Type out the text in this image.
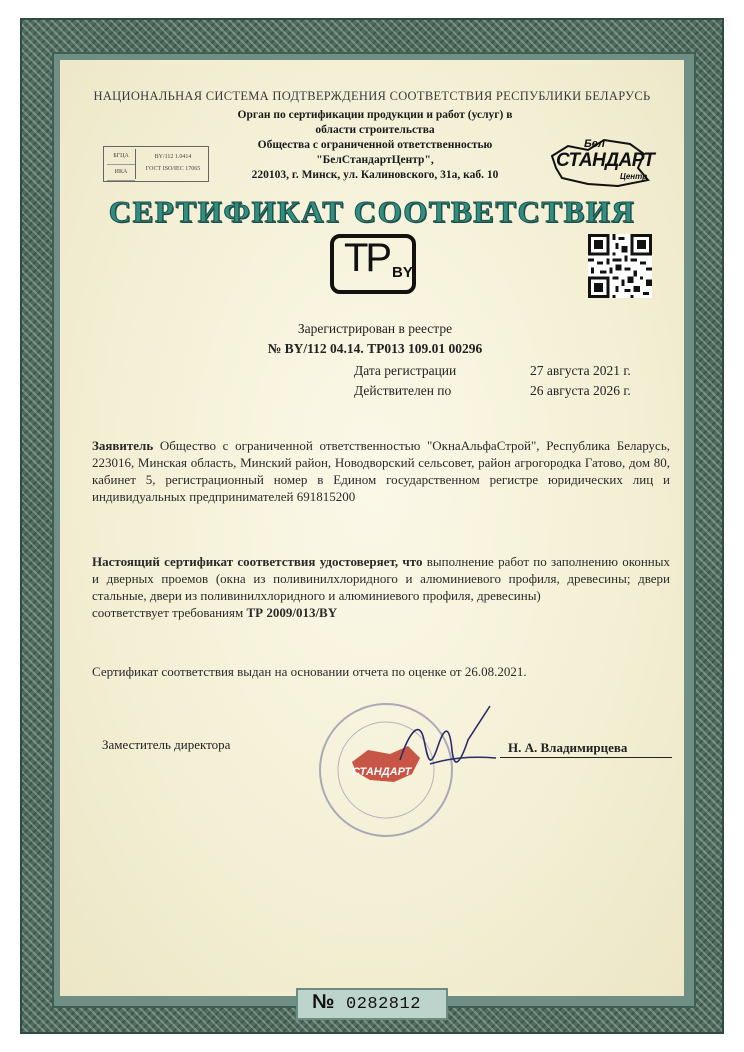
НАЦИОНАЛЬНАЯ СИСТЕМА ПОДТВЕРЖДЕНИЯ СООТВЕТСТВИЯ РЕСПУБЛИКИ БЕЛАРУСЬ
Орган по сертификации продукции и работ (услуг) в
области строительства
Общества с ограниченной ответственностью
"БелСтандартЦентр",
220103, г. Минск, ул. Калиновского, 31а, каб. 10
БГЦА
ИКА
BY/112 1.0414
ГОСТ ISO/IEC 17065
Бел
СТАНДАРТ
Центр
СЕРТИФИКАТ СООТВЕТСТВИЯ
TP BY
Зарегистрирован в реестре
№ BY/112 04.14. ТР013 109.01 00296
Дата регистрации	27 августа 2021 г.
Действителен по	26 августа 2026 г.
Заявитель Общество с ограниченной ответственностью "ОкнаАльфаСтрой", Республика Беларусь, 223016, Минская область, Минский район, Новодворский сельсовет, район агрогородка Гатово, дом 80, кабинет 5, регистрационный номер в Едином государственном регистре юридических лиц и индивидуальных предпринимателей 691815200
Настоящий сертификат соответствия удостоверяет, что выполнение работ по заполнению оконных и дверных проемов (окна из поливинилхлоридного и алюминиевого профиля, древесины; двери стальные, двери из поливинилхлоридного и алюминиевого профиля, древесины)
соответствует требованиям ТР 2009/013/BY
Сертификат соответствия выдан на основании отчета по оценке от 26.08.2021.
СТАНДАРТ
Заместитель директора	Н. А. Владимирцева
№ 0282812
